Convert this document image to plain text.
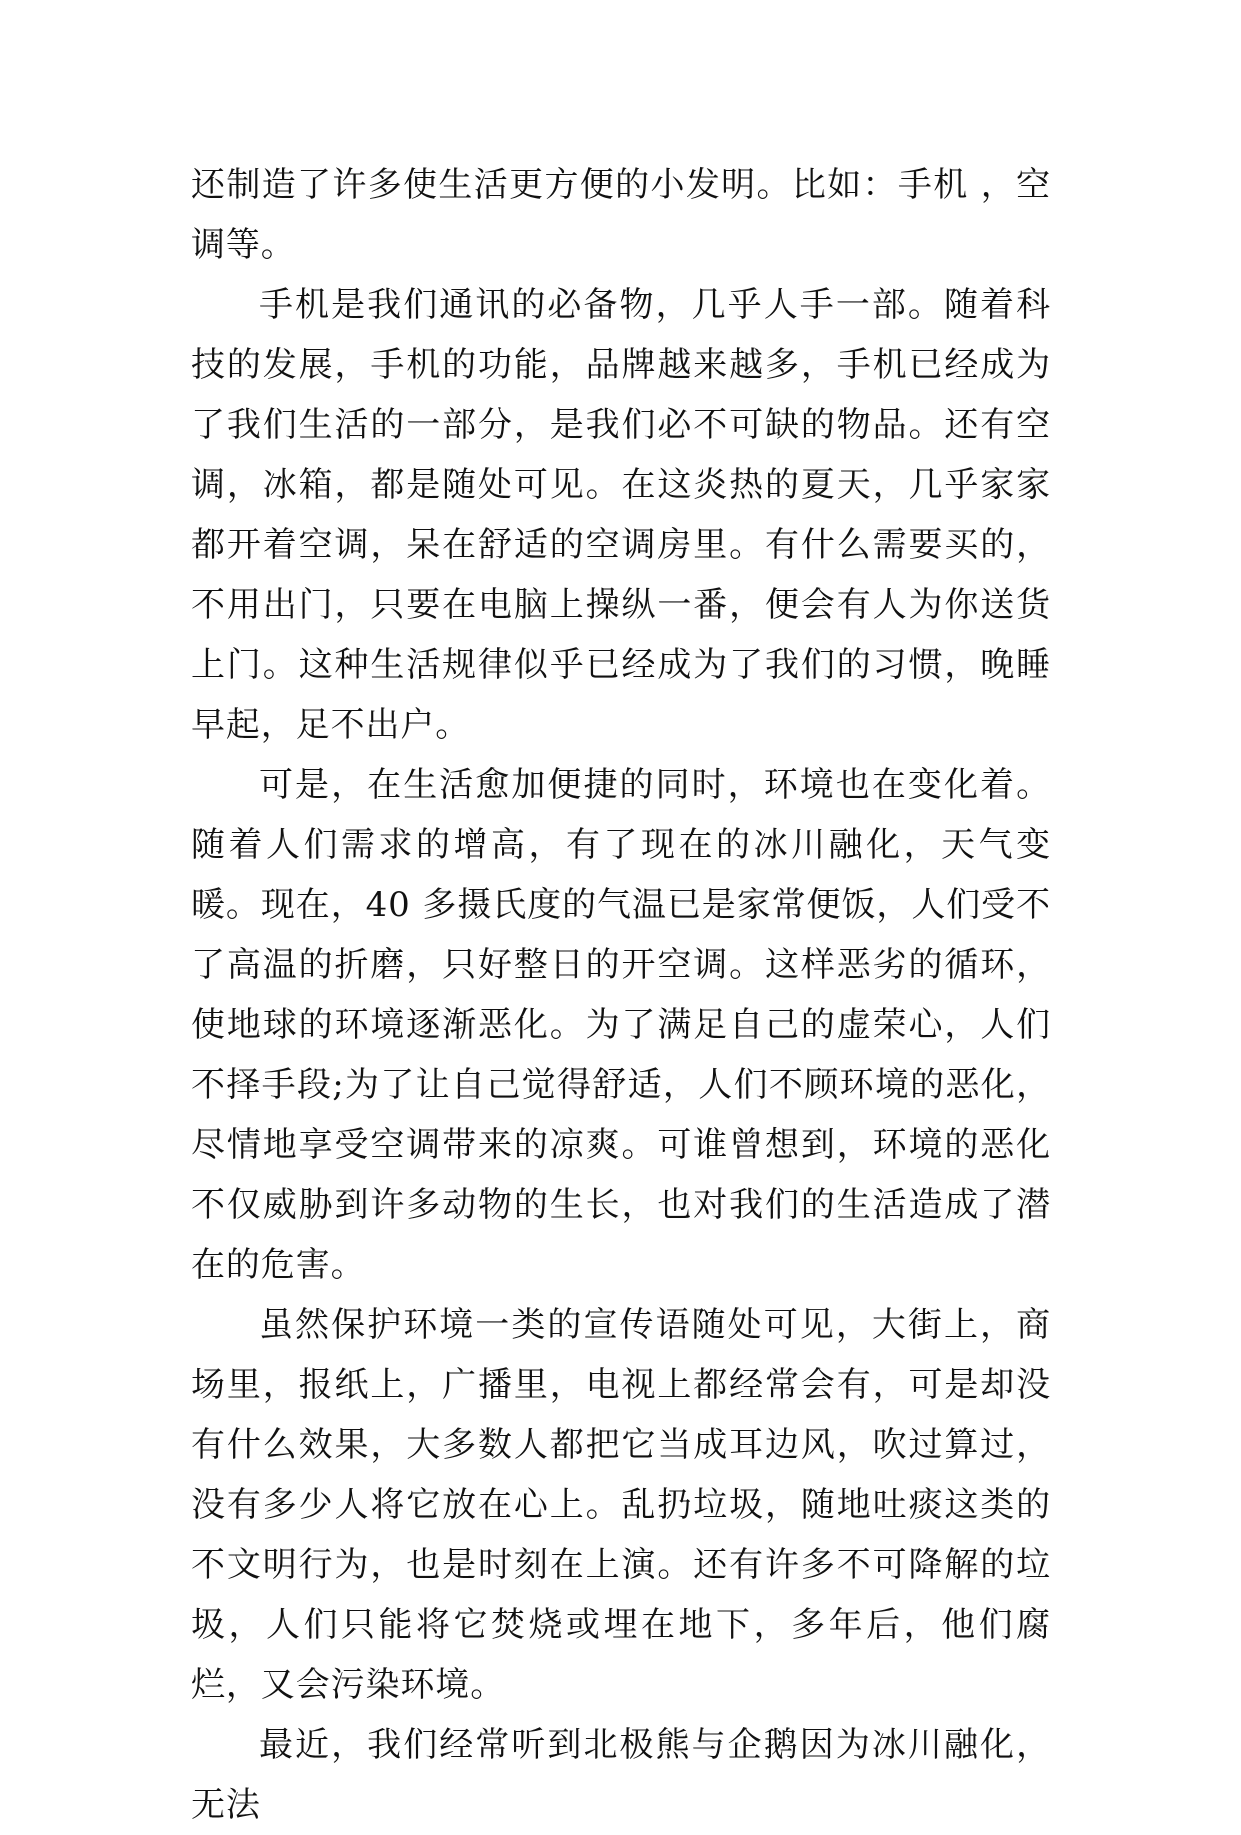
还制造了许多使生活更方便的小发明。比如：手机 ，空调等。

手机是我们通讯的必备物，几乎人手一部。随着科技的发展，手机的功能，品牌越来越多，手机已经成为了我们生活的一部分，是我们必不可缺的物品。还有空调，冰箱，都是随处可见。在这炎热的夏天，几乎家家都开着空调，呆在舒适的空调房里。有什么需要买的，不用出门，只要在电脑上操纵一番，便会有人为你送货上门。这种生活规律似乎已经成为了我们的习惯，晚睡早起，足不出户。

可是，在生活愈加便捷的同时，环境也在变化着。随着人们需求的增高，有了现在的冰川融化，天气变暖。现在，40 多摄氏度的气温已是家常便饭，人们受不了高温的折磨，只好整日的开空调。这样恶劣的循环，使地球的环境逐渐恶化。为了满足自己的虚荣心，人们不择手段;为了让自己觉得舒适，人们不顾环境的恶化，尽情地享受空调带来的凉爽。可谁曾想到，环境的恶化不仅威胁到许多动物的生长，也对我们的生活造成了潜在的危害。

虽然保护环境一类的宣传语随处可见，大街上，商场里，报纸上，广播里，电视上都经常会有，可是却没有什么效果，大多数人都把它当成耳边风，吹过算过，没有多少人将它放在心上。乱扔垃圾，随地吐痰这类的不文明行为，也是时刻在上演。还有许多不可降解的垃圾，人们只能将它焚烧或埋在地下，多年后，他们腐烂，又会污染环境。

最近，我们经常听到北极熊与企鹅因为冰川融化，无法
